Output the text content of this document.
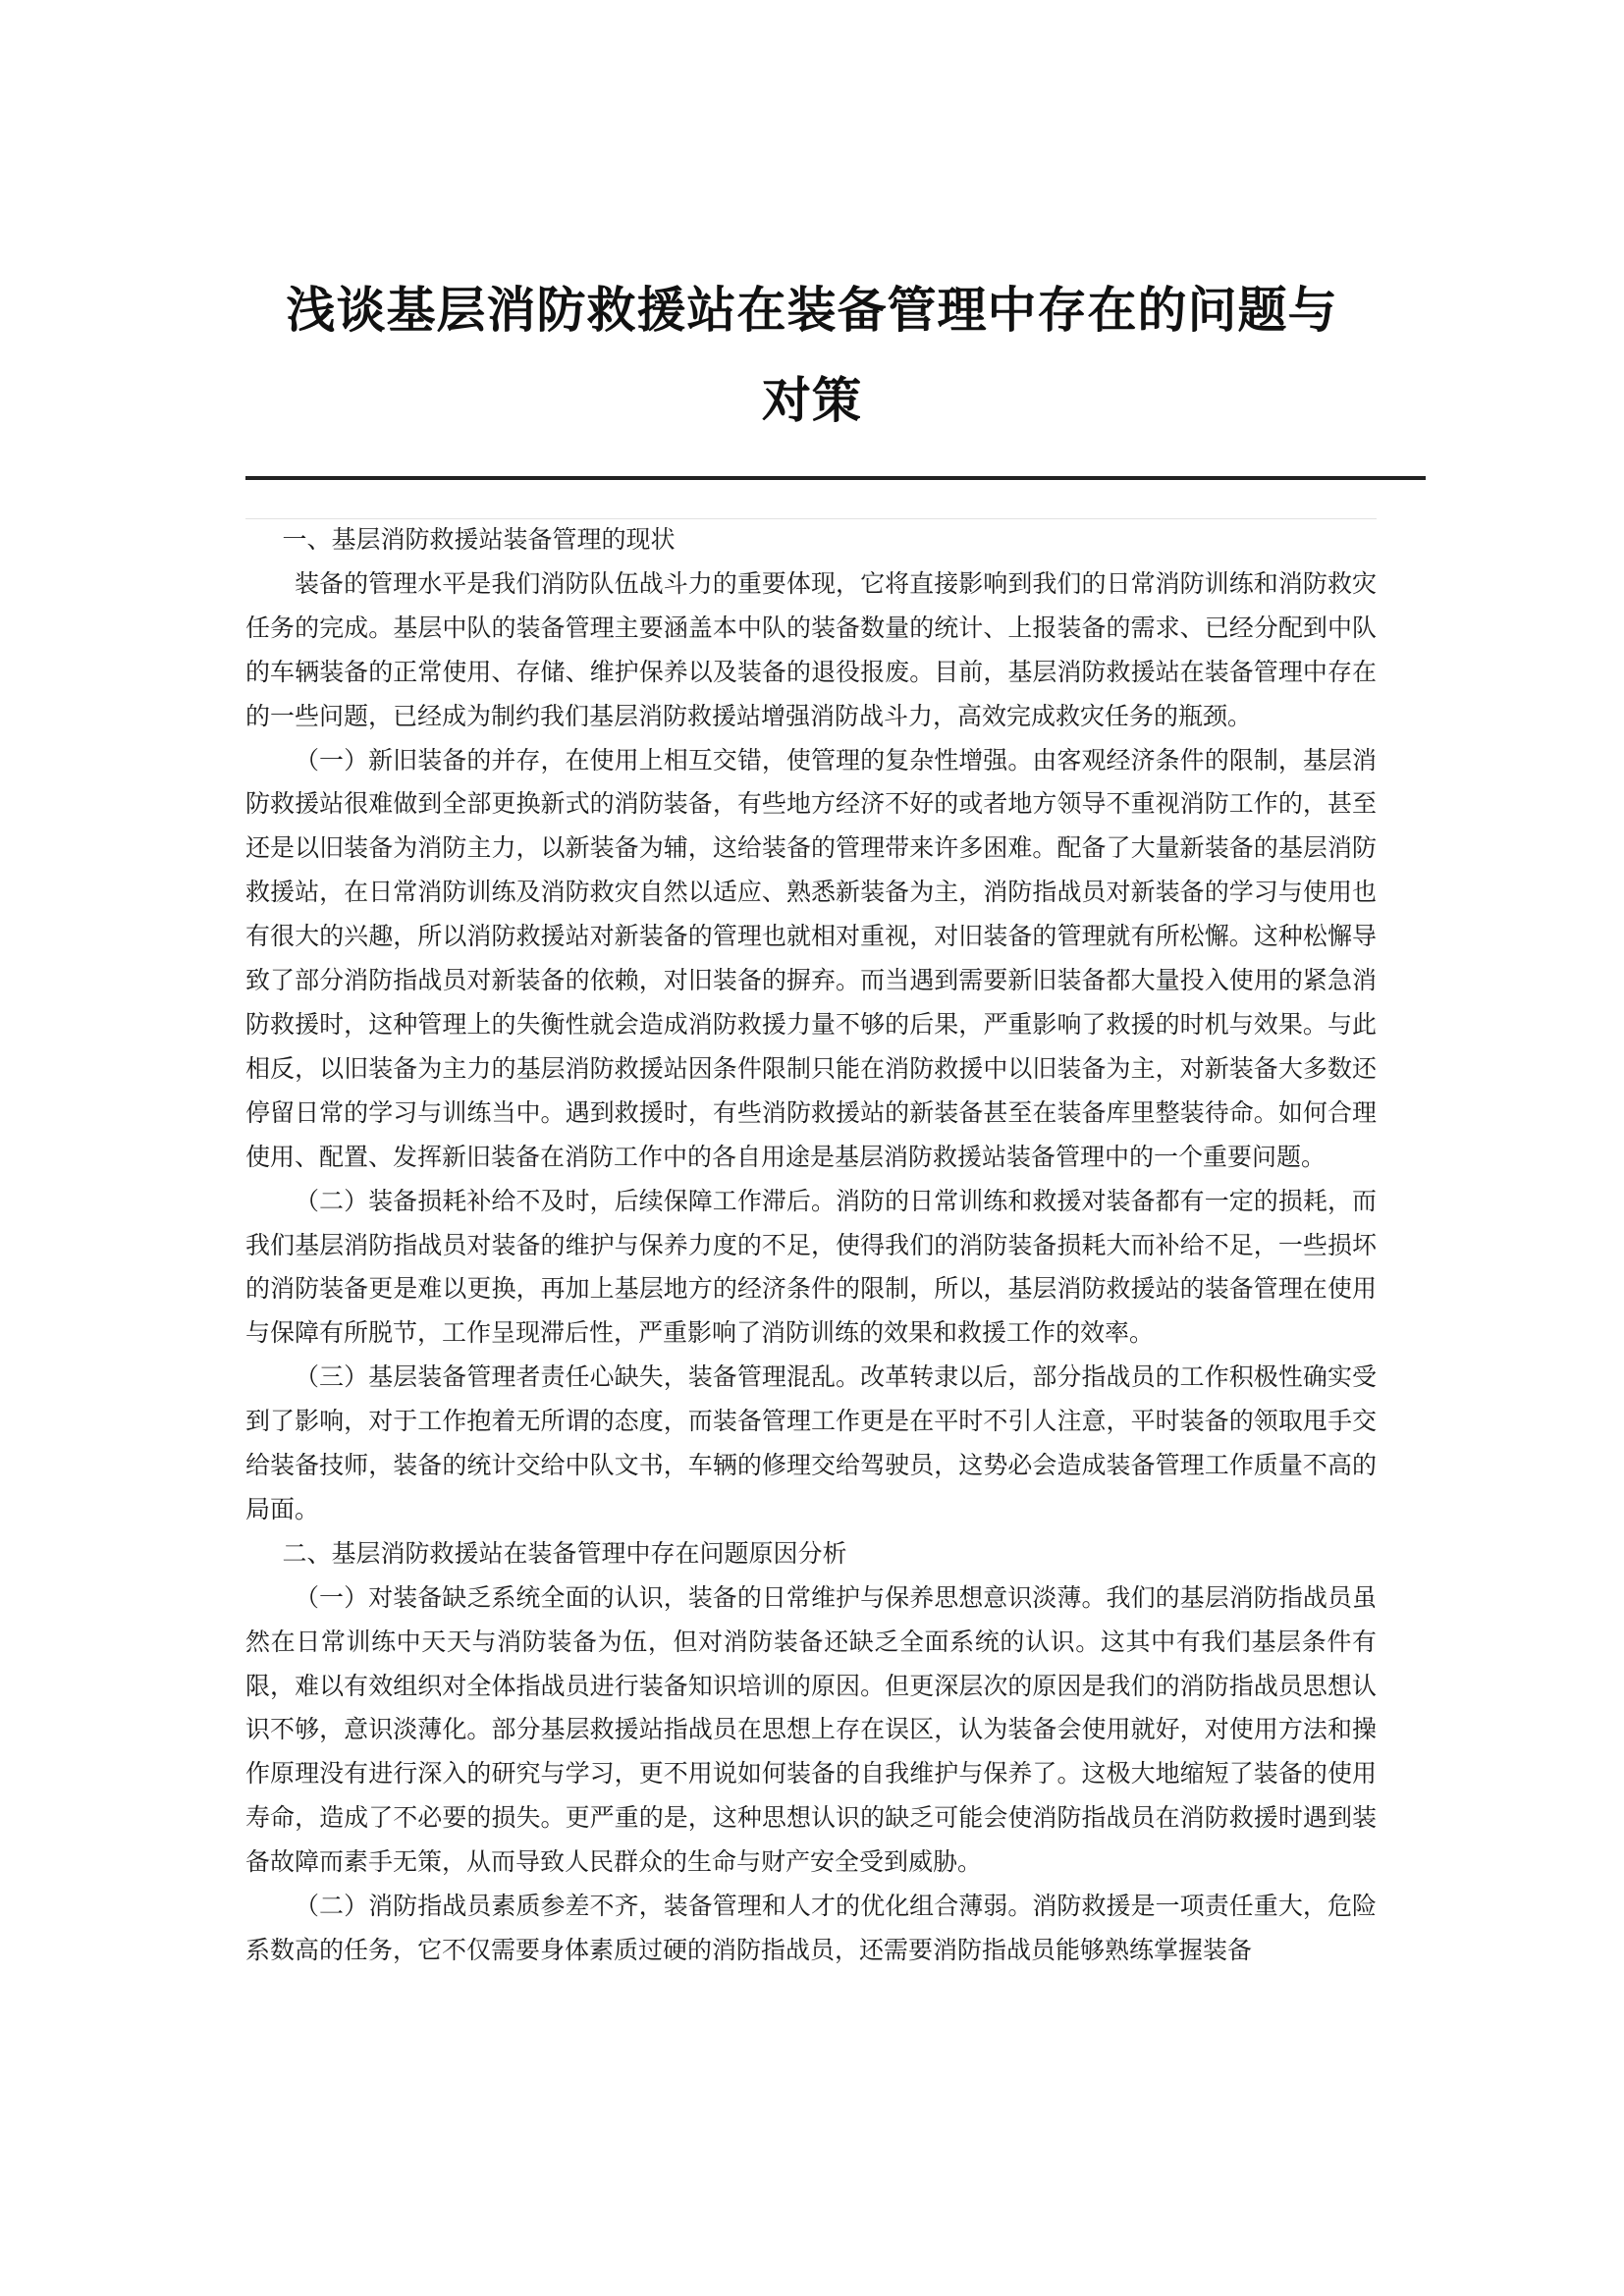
浅谈基层消防救援站在装备管理中存在的问题与
对策

一、基层消防救援站装备管理的现状

装备的管理水平是我们消防队伍战斗力的重要体现，它将直接影响到我们的日常消防训练和消防救灾任务的完成。基层中队的装备管理主要涵盖本中队的装备数量的统计、上报装备的需求、已经分配到中队的车辆装备的正常使用、存储、维护保养以及装备的退役报废。目前，基层消防救援站在装备管理中存在的一些问题，已经成为制约我们基层消防救援站增强消防战斗力，高效完成救灾任务的瓶颈。

（一）新旧装备的并存，在使用上相互交错，使管理的复杂性增强。由客观经济条件的限制，基层消防救援站很难做到全部更换新式的消防装备，有些地方经济不好的或者地方领导不重视消防工作的，甚至还是以旧装备为消防主力，以新装备为辅，这给装备的管理带来许多困难。配备了大量新装备的基层消防救援站，在日常消防训练及消防救灾自然以适应、熟悉新装备为主，消防指战员对新装备的学习与使用也有很大的兴趣，所以消防救援站对新装备的管理也就相对重视，对旧装备的管理就有所松懈。这种松懈导致了部分消防指战员对新装备的依赖，对旧装备的摒弃。而当遇到需要新旧装备都大量投入使用的紧急消防救援时，这种管理上的失衡性就会造成消防救援力量不够的后果，严重影响了救援的时机与效果。与此相反，以旧装备为主力的基层消防救援站因条件限制只能在消防救援中以旧装备为主，对新装备大多数还停留日常的学习与训练当中。遇到救援时，有些消防救援站的新装备甚至在装备库里整装待命。如何合理使用、配置、发挥新旧装备在消防工作中的各自用途是基层消防救援站装备管理中的一个重要问题。

（二）装备损耗补给不及时，后续保障工作滞后。消防的日常训练和救援对装备都有一定的损耗，而我们基层消防指战员对装备的维护与保养力度的不足，使得我们的消防装备损耗大而补给不足，一些损坏的消防装备更是难以更换，再加上基层地方的经济条件的限制，所以，基层消防救援站的装备管理在使用与保障有所脱节，工作呈现滞后性，严重影响了消防训练的效果和救援工作的效率。

（三）基层装备管理者责任心缺失，装备管理混乱。改革转隶以后，部分指战员的工作积极性确实受到了影响，对于工作抱着无所谓的态度，而装备管理工作更是在平时不引人注意，平时装备的领取甩手交给装备技师，装备的统计交给中队文书，车辆的修理交给驾驶员，这势必会造成装备管理工作质量不高的局面。

二、基层消防救援站在装备管理中存在问题原因分析

（一）对装备缺乏系统全面的认识，装备的日常维护与保养思想意识淡薄。我们的基层消防指战员虽然在日常训练中天天与消防装备为伍，但对消防装备还缺乏全面系统的认识。这其中有我们基层条件有限，难以有效组织对全体指战员进行装备知识培训的原因。但更深层次的原因是我们的消防指战员思想认识不够，意识淡薄化。部分基层救援站指战员在思想上存在误区，认为装备会使用就好，对使用方法和操作原理没有进行深入的研究与学习，更不用说如何装备的自我维护与保养了。这极大地缩短了装备的使用寿命，造成了不必要的损失。更严重的是，这种思想认识的缺乏可能会使消防指战员在消防救援时遇到装备故障而素手无策，从而导致人民群众的生命与财产安全受到威胁。

（二）消防指战员素质参差不齐，装备管理和人才的优化组合薄弱。消防救援是一项责任重大，危险系数高的任务，它不仅需要身体素质过硬的消防指战员，还需要消防指战员能够熟练掌握装备
